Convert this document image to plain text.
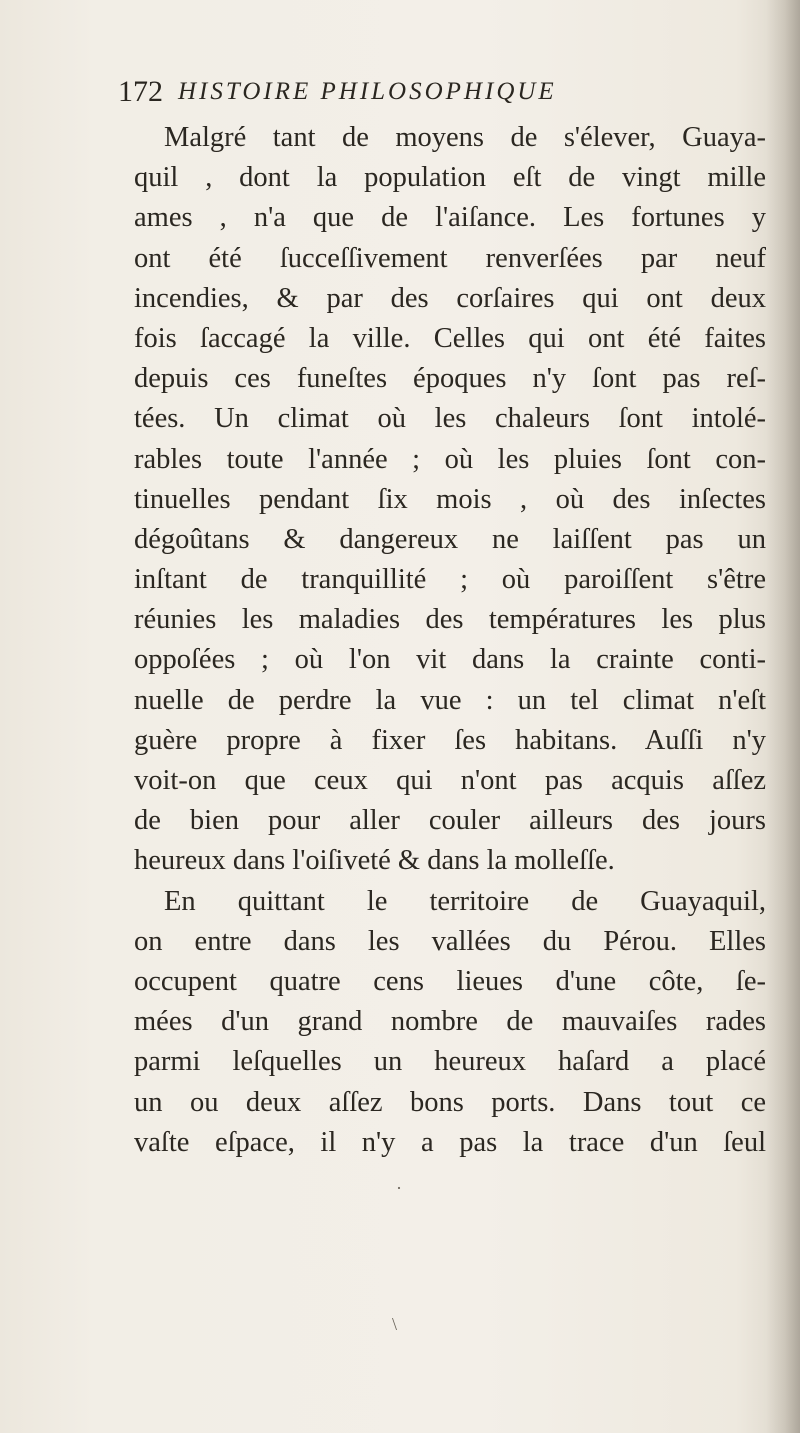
172 HISTOIRE PHILOSOPHIQUE
Malgré tant de moyens de s'élever, Guaya-
quil , dont la population eſt de vingt mille
ames , n'a que de l'aiſance. Les fortunes y
ont été ſucceſſivement renverſées par neuf
incendies, & par des corſaires qui ont deux
fois ſaccagé la ville. Celles qui ont été faites
depuis ces funeſtes époques n'y ſont pas reſ-
tées. Un climat où les chaleurs ſont intolé-
rables toute l'année ; où les pluies ſont con-
tinuelles pendant ſix mois , où des inſectes
dégoûtans & dangereux ne laiſſent pas un
inſtant de tranquillité ; où paroiſſent s'être
réunies les maladies des températures les plus
oppoſées ; où l'on vit dans la crainte conti-
nuelle de perdre la vue : un tel climat n'eſt
guère propre à fixer ſes habitans. Auſſi n'y
voit-on que ceux qui n'ont pas acquis aſſez
de bien pour aller couler ailleurs des jours
heureux dans l'oiſiveté & dans la molleſſe.
En quittant le territoire de Guayaquil,
on entre dans les vallées du Pérou. Elles
occupent quatre cens lieues d'une côte, ſe-
mées d'un grand nombre de mauvaiſes rades
parmi leſquelles un heureux haſard a placé
un ou deux aſſez bons ports. Dans tout ce
vaſte eſpace, il n'y a pas la trace d'un ſeul
·
\
